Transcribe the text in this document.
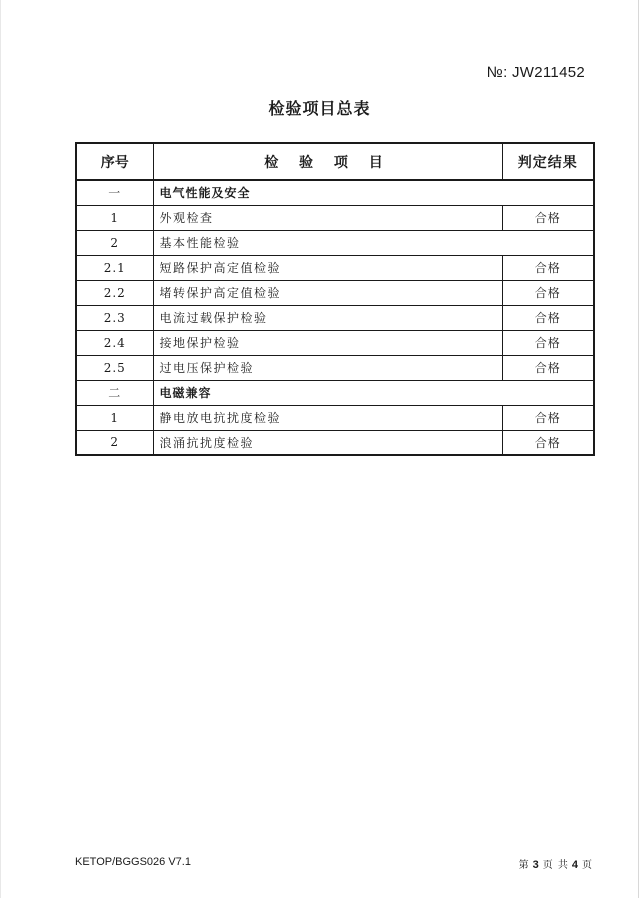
№: JW211452
检验项目总表
序号	检 验 项 目	判定结果
一	电气性能及安全	
1	外观检查	合格
2	基本性能检验	
2.1	短路保护高定值检验	合格
2.2	堵转保护高定值检验	合格
2.3	电流过载保护检验	合格
2.4	接地保护检验	合格
2.5	过电压保护检验	合格
二	电磁兼容	
1	静电放电抗扰度检验	合格
2	浪涌抗扰度检验	合格
KETOP/BGGS026 V7.1	第 3 页 共 4 页
